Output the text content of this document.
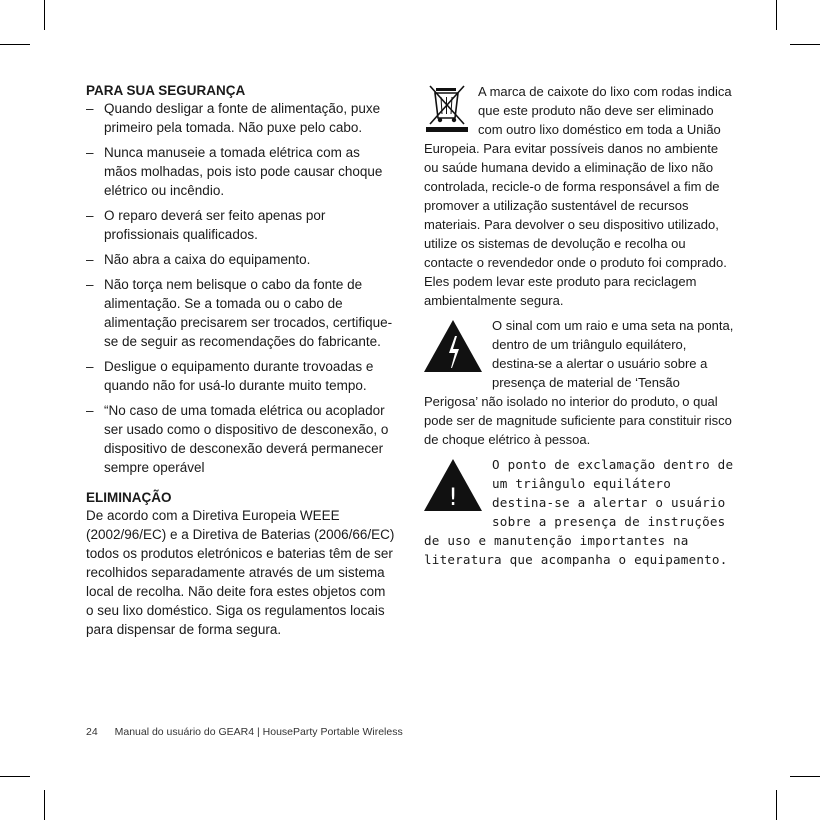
PARA SUA SEGURANÇA

– Quando desligar a fonte de alimentação, puxe primeiro pela tomada. Não puxe pelo cabo.

– Nunca manuseie a tomada elétrica com as mãos molhadas, pois isto pode causar choque elétrico ou incêndio.

– O reparo deverá ser feito apenas por profissionais qualificados.

– Não abra a caixa do equipamento.

– Não torça nem belisque o cabo da fonte de alimentação. Se a tomada ou o cabo de alimentação precisarem ser trocados, certifique-se de seguir as recomendações do fabricante.

– Desligue o equipamento durante trovoadas e quando não for usá-lo durante muito tempo.

– “No caso de uma tomada elétrica ou acoplador ser usado como o dispositivo de desconexão, o dispositivo de desconexão deverá permanecer sempre operável

ELIMINAÇÃO

De acordo com a Diretiva Europeia WEEE (2002/96/EC) e a Diretiva de Baterias (2006/66/EC) todos os produtos eletrónicos e baterias têm de ser recolhidos separadamente através de um sistema local de recolha. Não deite fora estes objetos com o seu lixo doméstico. Siga os regulamentos locais para dispensar de forma segura.

A marca de caixote do lixo com rodas indica que este produto não deve ser eliminado com outro lixo doméstico em toda a União Europeia. Para evitar possíveis danos no ambiente ou saúde humana devido a eliminação de lixo não controlada, recicle-o de forma responsável a fim de promover a utilização sustentável de recursos materiais. Para devolver o seu dispositivo utilizado, utilize os sistemas de devolução e recolha ou contacte o revendedor onde o produto foi comprado. Eles podem levar este produto para reciclagem ambientalmente segura.

O sinal com um raio e uma seta na ponta, dentro de um triângulo equilátero, destina-se a alertar o usuário sobre a presença de material de ‘Tensão Perigosa’ não isolado no interior do produto, o qual pode ser de magnitude suficiente para constituir risco de choque elétrico à pessoa.

!

O ponto de exclamação dentro de um triângulo equilátero destina-se a alertar o usuário sobre a presença de instruções de uso e manutenção importantes na literatura que acompanha o equipamento.

24 Manual do usuário do GEAR4 | HouseParty Portable Wireless
